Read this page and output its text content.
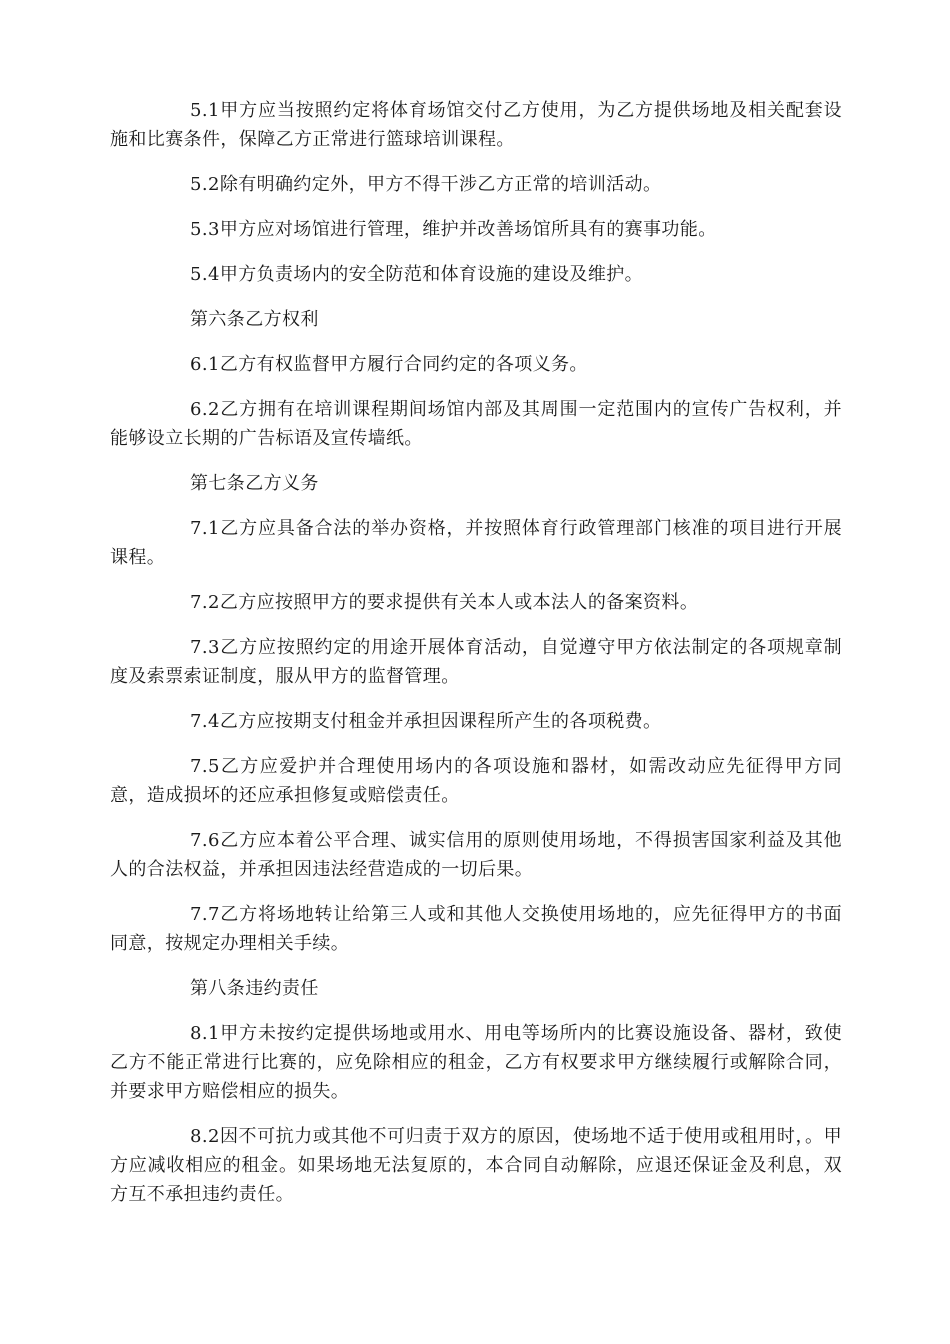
5.1甲方应当按照约定将体育场馆交付乙方使用，为乙方提供场地及相关配套设施和比赛条件，保障乙方正常进行篮球培训课程。

5.2除有明确约定外，甲方不得干涉乙方正常的培训活动。

5.3甲方应对场馆进行管理，维护并改善场馆所具有的赛事功能。

5.4甲方负责场内的安全防范和体育设施的建设及维护。

第六条乙方权利

6.1乙方有权监督甲方履行合同约定的各项义务。

6.2乙方拥有在培训课程期间场馆内部及其周围一定范围内的宣传广告权利，并能够设立长期的广告标语及宣传墙纸。

第七条乙方义务

7.1乙方应具备合法的举办资格，并按照体育行政管理部门核准的项目进行开展课程。

7.2乙方应按照甲方的要求提供有关本人或本法人的备案资料。

7.3乙方应按照约定的用途开展体育活动，自觉遵守甲方依法制定的各项规章制度及索票索证制度，服从甲方的监督管理。

7.4乙方应按期支付租金并承担因课程所产生的各项税费。

7.5乙方应爱护并合理使用场内的各项设施和器材，如需改动应先征得甲方同意，造成损坏的还应承担修复或赔偿责任。

7.6乙方应本着公平合理、诚实信用的原则使用场地，不得损害国家利益及其他人的合法权益，并承担因违法经营造成的一切后果。

7.7乙方将场地转让给第三人或和其他人交换使用场地的，应先征得甲方的书面同意，按规定办理相关手续。

第八条违约责任

8.1甲方未按约定提供场地或用水、用电等场所内的比赛设施设备、器材，致使乙方不能正常进行比赛的，应免除相应的租金，乙方有权要求甲方继续履行或解除合同，并要求甲方赔偿相应的损失。

8.2因不可抗力或其他不可归责于双方的原因，使场地不适于使用或租用时，。甲方应减收相应的租金。如果场地无法复原的，本合同自动解除，应退还保证金及利息，双方互不承担违约责任。
